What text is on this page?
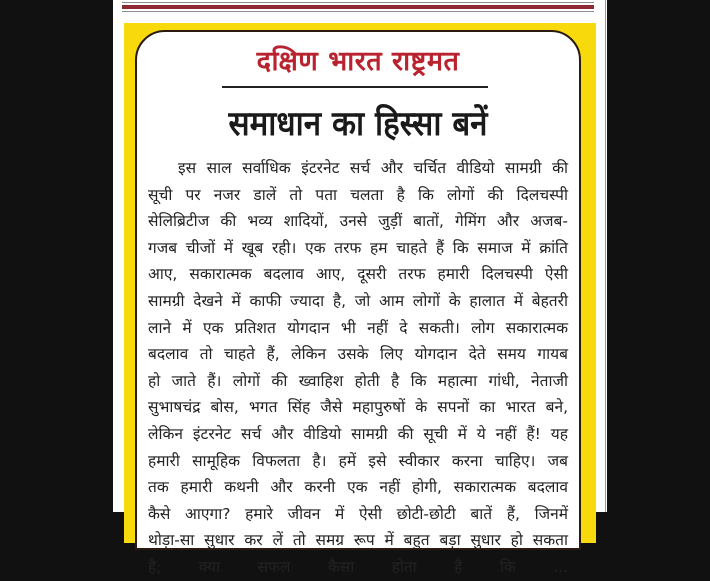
दक्षिण भारत राष्ट्रमत
समाधान का हिस्सा बनें
इस साल सर्वाधिक इंटरनेट सर्च और चर्चित वीडियो सामग्री की
सूची पर नजर डालें तो पता चलता है कि लोगों की दिलचस्पी
सेलिब्रिटीज की भव्य शादियों, उनसे जुड़ीं बातों, गेमिंग और अजब-
गजब चीजों में खूब रही। एक तरफ हम चाहते हैं कि समाज में क्रांति
आए, सकारात्मक बदलाव आए, दूसरी तरफ हमारी दिलचस्पी ऐसी
सामग्री देखने में काफी ज्यादा है, जो आम लोगों के हालात में बेहतरी
लाने में एक प्रतिशत योगदान भी नहीं दे सकती। लोग सकारात्मक
बदलाव तो चाहते हैं, लेकिन उसके लिए योगदान देते समय गायब
हो जाते हैं। लोगों की ख्वाहिश होती है कि महात्मा गांधी, नेताजी
सुभाषचंद्र बोस, भगत सिंह जैसे महापुरुषों के सपनों का भारत बने,
लेकिन इंटरनेट सर्च और वीडियो सामग्री की सूची में ये नहीं हैं! यह
हमारी सामूहिक विफलता है। हमें इसे स्वीकार करना चाहिए। जब
तक हमारी कथनी और करनी एक नहीं होगी, सकारात्मक बदलाव
कैसे आएगा? हमारे जीवन में ऐसी छोटी-छोटी बातें हैं, जिनमें
थोड़ा-सा सुधार कर लें तो समग्र रूप में बहुत बड़ा सुधार हो सकता
है; क्या सफल कैसा होता है कि ...
